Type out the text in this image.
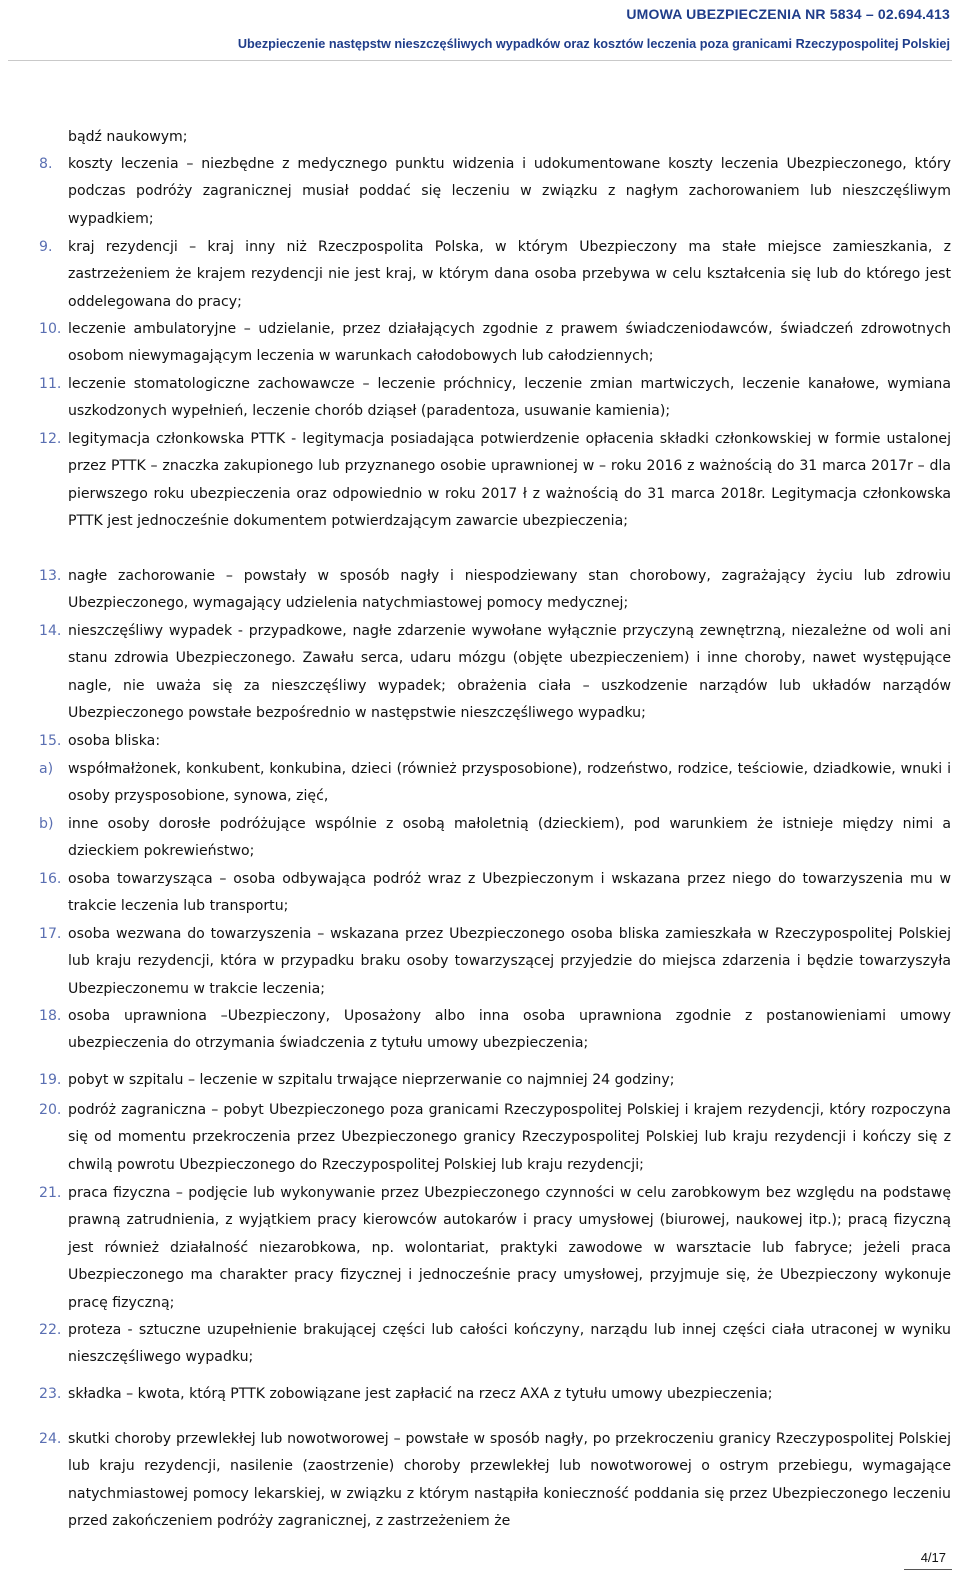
UMOWA UBEZPIECZENIA NR 5834 – 02.694.413
Ubezpieczenie następstw nieszczęśliwych wypadków oraz kosztów leczenia poza granicami Rzeczypospolitej Polskiej
bądź naukowym;
8.	koszty leczenia – niezbędne z medycznego punktu widzenia i udokumentowane koszty leczenia Ubezpieczonego, który podczas podróży zagranicznej musiał poddać się leczeniu w związku z nagłym zachorowaniem lub nieszczęśliwym wypadkiem;
9.	kraj rezydencji – kraj inny niż Rzeczpospolita Polska, w którym Ubezpieczony ma stałe miejsce zamieszkania, z zastrzeżeniem że krajem rezydencji nie jest kraj, w którym dana osoba przebywa w celu kształcenia się lub do którego jest oddelegowana do pracy;
10. leczenie ambulatoryjne – udzielanie, przez działających zgodnie z prawem świadczeniodawców, świadczeń zdrowotnych osobom niewymagającym leczenia w warunkach całodobowych lub całodziennych;
11. leczenie stomatologiczne zachowawcze – leczenie próchnicy, leczenie zmian martwiczych, leczenie kanałowe, wymiana uszkodzonych wypełnień, leczenie chorób dziąseł (paradentoza, usuwanie kamienia);
12. legitymacja członkowska PTTK - legitymacja posiadająca potwierdzenie opłacenia składki członkowskiej w formie ustalonej przez PTTK – znaczka zakupionego lub przyznanego osobie uprawnionej w – roku 2016 z ważnością do 31 marca 2017r – dla pierwszego roku ubezpieczenia oraz odpowiednio w roku 2017 ł z ważnością do 31 marca 2018r. Legitymacja członkowska PTTK jest jednocześnie dokumentem potwierdzającym zawarcie ubezpieczenia;
13. nagłe zachorowanie – powstały w sposób nagły i niespodziewany stan chorobowy, zagrażający życiu lub zdrowiu Ubezpieczonego, wymagający udzielenia natychmiastowej pomocy medycznej;
14. nieszczęśliwy wypadek - przypadkowe, nagłe zdarzenie wywołane wyłącznie przyczyną zewnętrzną, niezależne od woli ani stanu zdrowia Ubezpieczonego. Zawału serca, udaru mózgu (objęte ubezpieczeniem) i inne choroby, nawet występujące nagle, nie uważa się za nieszczęśliwy wypadek; obrażenia ciała – uszkodzenie narządów lub układów narządów Ubezpieczonego powstałe bezpośrednio w następstwie nieszczęśliwego wypadku;
15. osoba bliska:
a)	współmałżonek, konkubent, konkubina, dzieci (również przysposobione), rodzeństwo, rodzice, teściowie, dziadkowie, wnuki i osoby przysposobione, synowa, zięć,
b)	inne osoby dorosłe podróżujące wspólnie z osobą małoletnią (dzieckiem), pod warunkiem że istnieje między nimi a dzieckiem pokrewieństwo;
16. osoba towarzysząca – osoba odbywająca podróż wraz z Ubezpieczonym i wskazana przez niego do towarzyszenia mu w trakcie leczenia lub transportu;
17. osoba wezwana do towarzyszenia – wskazana przez Ubezpieczonego osoba bliska zamieszkała w Rzeczypospolitej Polskiej lub kraju rezydencji, która w przypadku braku osoby towarzyszącej przyjedzie do miejsca zdarzenia i będzie towarzyszyła Ubezpieczonemu w trakcie leczenia;
18. osoba uprawniona –Ubezpieczony, Uposażony albo inna osoba uprawniona zgodnie z postanowieniami umowy ubezpieczenia do otrzymania świadczenia z tytułu umowy ubezpieczenia;
19. pobyt w szpitalu – leczenie w szpitalu trwające nieprzerwanie co najmniej 24 godziny;
20. podróż zagraniczna – pobyt Ubezpieczonego poza granicami Rzeczypospolitej Polskiej i krajem rezydencji, który rozpoczyna się od momentu przekroczenia przez Ubezpieczonego granicy Rzeczypospolitej Polskiej lub kraju rezydencji i kończy się z chwilą powrotu Ubezpieczonego do Rzeczypospolitej Polskiej lub kraju rezydencji;
21. praca fizyczna – podjęcie lub wykonywanie przez Ubezpieczonego czynności w celu zarobkowym bez względu na podstawę prawną zatrudnienia, z wyjątkiem pracy kierowców autokarów i pracy umysłowej (biurowej, naukowej itp.); pracą fizyczną jest również działalność niezarobkowa, np. wolontariat, praktyki zawodowe w warsztacie lub fabryce; jeżeli praca Ubezpieczonego ma charakter pracy fizycznej i jednocześnie pracy umysłowej, przyjmuje się, że Ubezpieczony wykonuje pracę fizyczną;
22. proteza - sztuczne uzupełnienie brakującej części lub całości kończyny, narządu lub innej części ciała utraconej w wyniku nieszczęśliwego wypadku;
23. składka – kwota, którą PTTK zobowiązane jest zapłacić na rzecz AXA z tytułu umowy ubezpieczenia;
24. skutki choroby przewlekłej lub nowotworowej – powstałe w sposób nagły, po przekroczeniu granicy Rzeczypospolitej Polskiej lub kraju rezydencji, nasilenie (zaostrzenie) choroby przewlekłej lub nowotworowej o ostrym przebiegu, wymagające natychmiastowej pomocy lekarskiej, w związku z którym nastąpiła konieczność poddania się przez Ubezpieczonego leczeniu przed zakończeniem podróży zagranicznej, z zastrzeżeniem że
4/17
